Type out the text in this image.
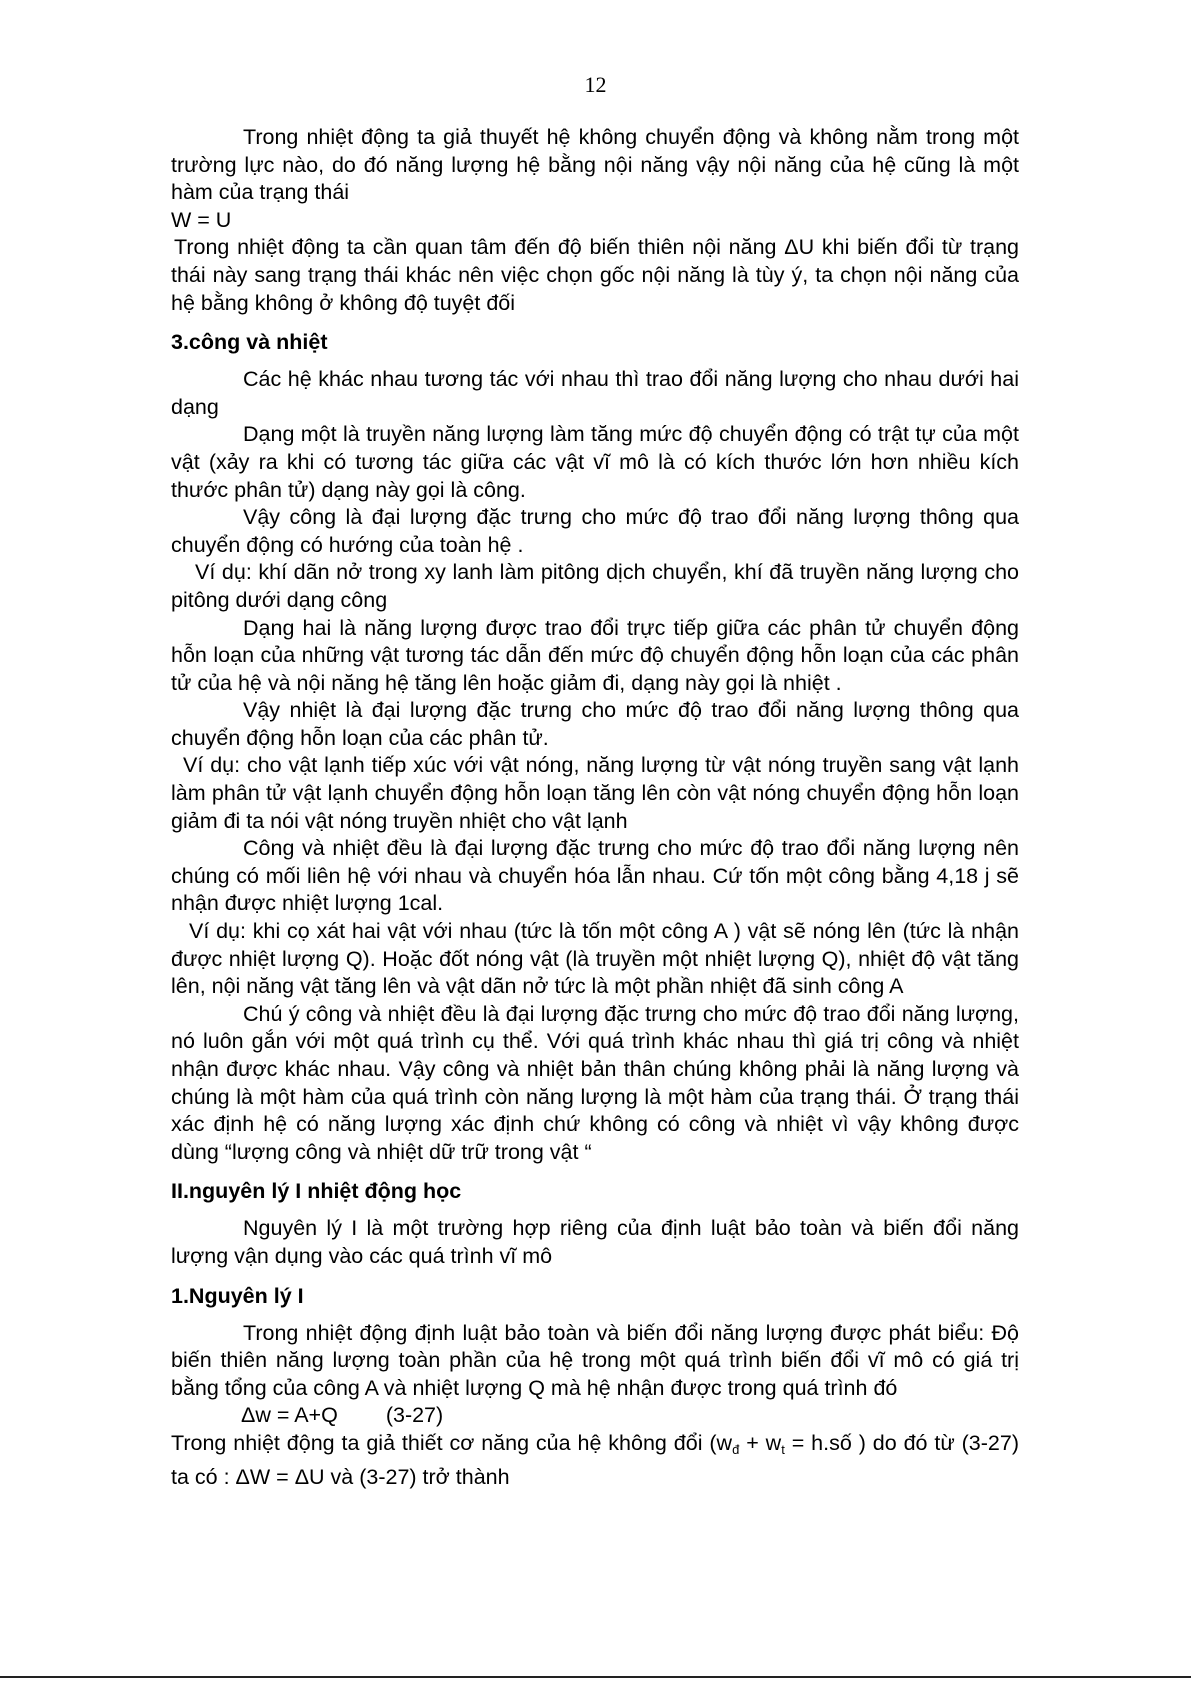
12

Trong nhiệt động ta giả thuyết hệ không chuyển động và không nằm trong một trường lực nào, do đó năng lượng hệ bằng nội năng vậy nội năng của hệ cũng là một hàm của trạng thái

W = U

Trong nhiệt động ta cần quan tâm đến độ biến thiên nội năng ΔU khi biến đổi từ trạng thái này sang trạng thái khác nên việc chọn gốc nội năng là tùy ý, ta chọn nội năng của hệ bằng không ở không độ tuyệt đối

3.công và nhiệt

Các hệ khác nhau tương tác với nhau thì trao đổi năng lượng cho nhau dưới hai dạng

Dạng một là truyền năng lượng làm tăng mức độ chuyển động có trật tự của một vật (xảy ra khi có tương tác giữa các vật vĩ mô là có kích thước lớn hơn nhiều kích thước phân tử) dạng này gọi là công.

Vậy công là đại lượng đặc trưng cho mức độ trao đổi năng lượng thông qua chuyển động có hướng của toàn hệ .

Ví dụ: khí dãn nở trong xy lanh làm pitông dịch chuyển, khí đã truyền năng lượng cho pitông dưới dạng công

Dạng hai là năng lượng được trao đổi trực tiếp giữa các phân tử chuyển động hỗn loạn của những vật tương tác dẫn đến mức độ chuyển động hỗn loạn của các phân tử của hệ và nội năng hệ tăng lên hoặc giảm đi, dạng này gọi là nhiệt .

Vậy nhiệt là đại lượng đặc trưng cho mức độ trao đổi năng lượng thông qua chuyển động hỗn loạn của các phân tử.

Ví dụ: cho vật lạnh tiếp xúc với vật nóng, năng lượng từ vật nóng truyền sang vật lạnh làm phân tử vật lạnh chuyển động hỗn loạn tăng lên còn vật nóng chuyển động hỗn loạn giảm đi ta nói vật nóng truyền nhiệt cho vật lạnh

Công và nhiệt đều là đại lượng đặc trưng cho mức độ trao đổi năng lượng nên chúng có mối liên hệ với nhau và chuyển hóa lẫn nhau. Cứ tốn một công bằng 4,18 j sẽ nhận được nhiệt lượng 1cal.

Ví dụ: khi cọ xát hai vật với nhau (tức là tốn một công A ) vật sẽ nóng lên (tức là nhận được nhiệt lượng Q). Hoặc đốt nóng vật (là truyền một nhiệt lượng Q), nhiệt độ vật tăng lên, nội năng vật tăng lên và vật dãn nở tức là một phần nhiệt đã sinh công A

Chú ý công và nhiệt đều là đại lượng đặc trưng cho mức độ trao đổi năng lượng, nó luôn gắn với một quá trình cụ thể. Với quá trình khác nhau thì giá trị công và nhiệt nhận được khác nhau. Vậy công và nhiệt bản thân chúng không phải là năng lượng và chúng là một hàm của quá trình còn năng lượng là một hàm của trạng thái. Ở trạng thái xác định hệ có năng lượng xác định chứ không có công và nhiệt vì vậy không được dùng “lượng công và nhiệt dữ trữ trong vật “

II.nguyên lý I nhiệt động học

Nguyên lý I là một trường hợp riêng của định luật bảo toàn và biến đổi năng lượng vận dụng vào các quá trình vĩ mô

1.Nguyên lý I

Trong nhiệt động định luật bảo toàn và biến đổi năng lượng được phát biểu: Độ biến thiên năng lượng toàn phần của hệ trong một quá trình biến đổi vĩ mô có giá trị bằng tổng của công A và nhiệt lượng Q mà hệ nhận được trong quá trình đó

Δw = A+Q (3-27)

Trong nhiệt động ta giả thiết cơ năng của hệ không đổi ($w_đ + w_t$ = h.số ) do đó từ (3-27) ta có : ΔW = ΔU và (3-27) trở thành
